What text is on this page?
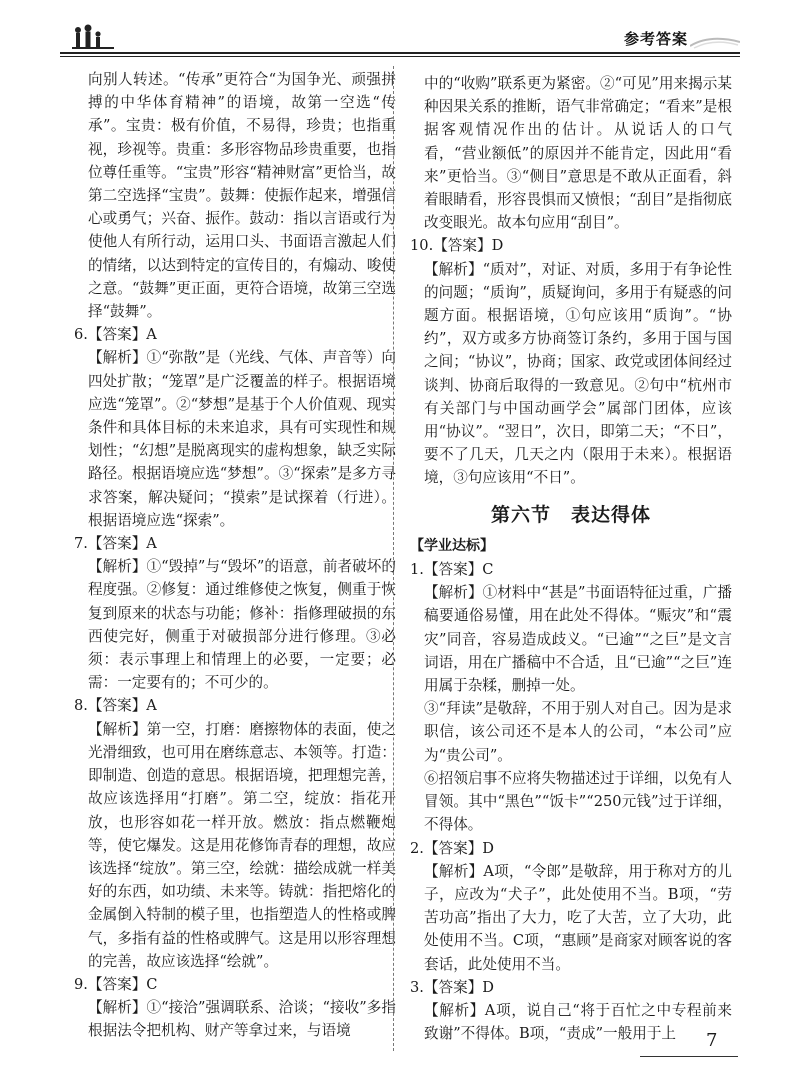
参考答案

向别人转述。“传承”更符合“为国争光、顽强拼搏的中华体育精神”的语境，故第一空选“传承”。宝贵：极有价值，不易得，珍贵；也指重视，珍视等。贵重：多形容物品珍贵重要，也指位尊任重等。“宝贵”形容“精神财富”更恰当，故第二空选择“宝贵”。鼓舞：使振作起来，增强信心或勇气；兴奋、振作。鼓动：指以言语或行为使他人有所行动，运用口头、书面语言激起人们的情绪，以达到特定的宣传目的，有煽动、唆使之意。“鼓舞”更正面，更符合语境，故第三空选择“鼓舞”。

6.【答案】A

【解析】①“弥散”是（光线、气体、声音等）向四处扩散；“笼罩”是广泛覆盖的样子。根据语境应选“笼罩”。②“梦想”是基于个人价值观、现实条件和具体目标的未来追求，具有可实现性和规划性；“幻想”是脱离现实的虚构想象，缺乏实际路径。根据语境应选“梦想”。③“探索”是多方寻求答案，解决疑问；“摸索”是试探着（行进）。根据语境应选“探索”。

7.【答案】A

【解析】①“毁掉”与“毁坏”的语意，前者破坏的程度强。②修复：通过维修使之恢复，侧重于恢复到原来的状态与功能；修补：指修理破损的东西使完好，侧重于对破损部分进行修理。③必须：表示事理上和情理上的必要，一定要；必需：一定要有的；不可少的。

8.【答案】A

【解析】第一空，打磨：磨擦物体的表面，使之光滑细致，也可用在磨练意志、本领等。打造：即制造、创造的意思。根据语境，把理想完善，故应该选择用“打磨”。第二空，绽放：指花开放，也形容如花一样开放。燃放：指点燃鞭炮等，使它爆发。这是用花修饰青春的理想，故应该选择“绽放”。第三空，绘就：描绘成就一样美好的东西，如功绩、未来等。铸就：指把熔化的金属倒入特制的模子里，也指塑造人的性格或脾气，多指有益的性格或脾气。这是用以形容理想的完善，故应该选择“绘就”。

9.【答案】C

【解析】①“接洽”强调联系、洽谈；“接收”多指根据法令把机构、财产等拿过来，与语境

中的“收购”联系更为紧密。②“可见”用来揭示某种因果关系的推断，语气非常确定；“看来”是根据客观情况作出的估计。从说话人的口气看，“营业额低”的原因并不能肯定，因此用“看来”更恰当。③“侧目”意思是不敢从正面看，斜着眼睛看，形容畏惧而又愤恨；“刮目”是指彻底改变眼光。故本句应用“刮目”。

10.【答案】D

【解析】“质对”，对证、对质，多用于有争论性的问题；“质询”，质疑询问，多用于有疑惑的问题方面。根据语境，①句应该用“质询”。“协约”，双方或多方协商签订条约，多用于国与国之间；“协议”，协商；国家、政党或团体间经过谈判、协商后取得的一致意见。②句中“杭州市有关部门与中国动画学会”属部门团体，应该用“协议”。“翌日”，次日，即第二天；“不日”，要不了几天，几天之内（限用于未来）。根据语境，③句应该用“不日”。

第六节　表达得体
【学业达标】

1.【答案】C

【解析】①材料中“甚是”书面语特征过重，广播稿要通俗易懂，用在此处不得体。“赈灾”和“震灾”同音，容易造成歧义。“已逾”“之巨”是文言词语，用在广播稿中不合适，且“已逾”“之巨”连用属于杂糅，删掉一处。

③“拜读”是敬辞，不用于别人对自己。因为是求职信，该公司还不是本人的公司，“本公司”应为“贵公司”。

⑥招领启事不应将失物描述过于详细，以免有人冒领。其中“黑色”“饭卡”“250元钱”过于详细，不得体。

2.【答案】D

【解析】A项，“令郎”是敬辞，用于称对方的儿子，应改为“犬子”，此处使用不当。B项，“劳苦功高”指出了大力，吃了大苦，立了大功，此处使用不当。C项，“惠顾”是商家对顾客说的客套话，此处使用不当。

3.【答案】D

【解析】A项，说自己“将于百忙之中专程前来致谢”不得体。B项，“责成”一般用于上	7
